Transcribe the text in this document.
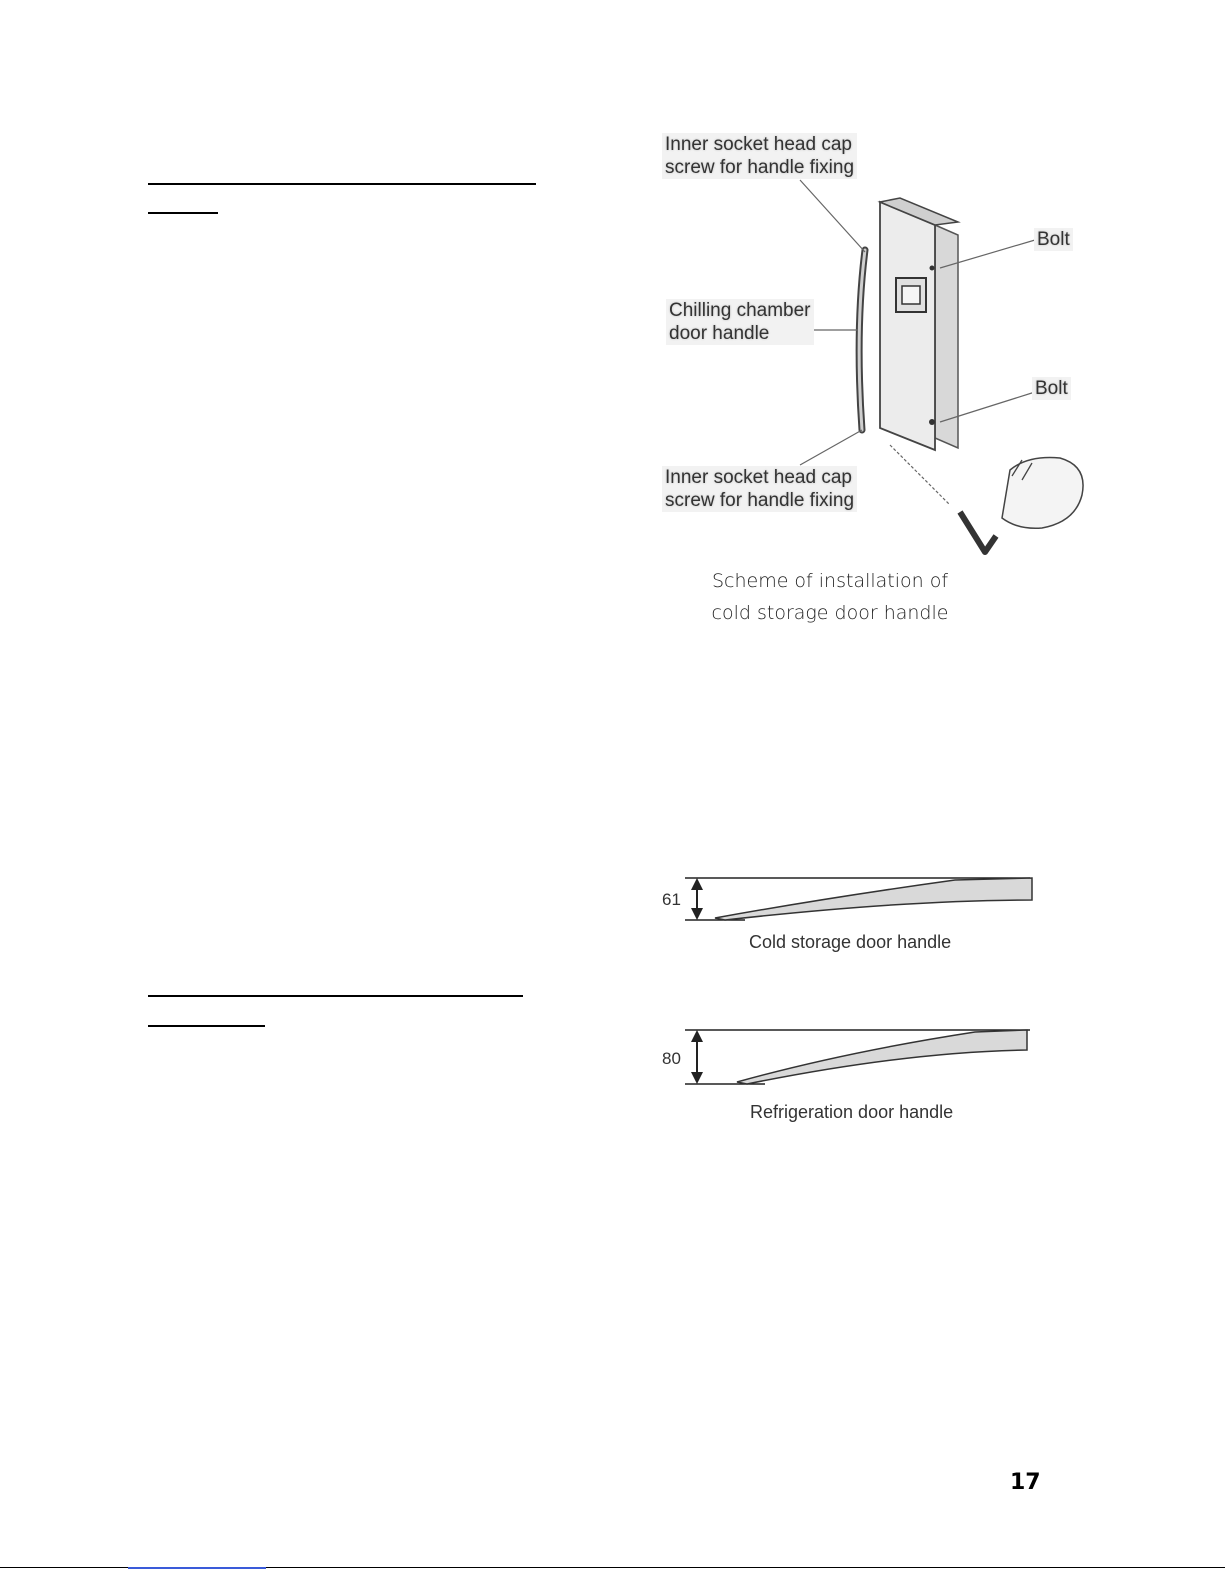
Inner socket head cap
screw for handle fixing
Bolt
Chilling chamber
door handle
Bolt
Inner socket head cap
screw for handle fixing
Scheme of installation of
cold storage door handle
61
Cold storage door handle
80
Refrigeration door handle
17
